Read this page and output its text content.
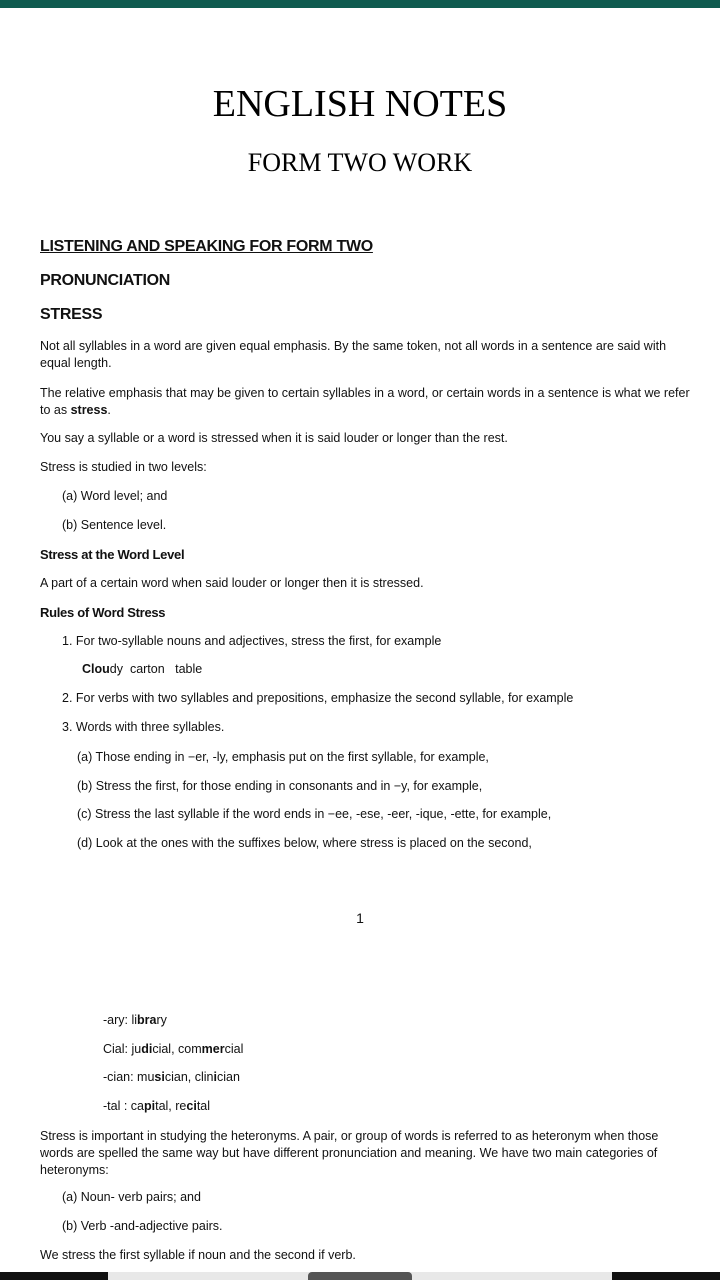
ENGLISH NOTES
FORM TWO WORK
LISTENING AND SPEAKING FOR FORM TWO
PRONUNCIATION
STRESS
Not all syllables in a word are given equal emphasis. By the same token, not all words in a sentence are said with equal length.
The relative emphasis that may be given to certain syllables in a word, or certain words in a sentence is what we refer to as stress.
You say a syllable or a word is stressed when it is said louder or longer than the rest.
Stress is studied in two levels:
(a) Word level; and
(b) Sentence level.
Stress at the Word Level
A part of a certain word when said louder or longer then it is stressed.
Rules of Word Stress
1. For two-syllable nouns and adjectives, stress the first, for example
Cloudy carton table
2. For verbs with two syllables and prepositions, emphasize the second syllable, for example
3. Words with three syllables.
(a) Those ending in −er, -ly, emphasis put on the first syllable, for example,
(b) Stress the first, for those ending in consonants and in −y, for example,
(c) Stress the last syllable if the word ends in −ee, -ese, -eer, -ique, -ette, for example,
(d) Look at the ones with the suffixes below, where stress is placed on the second,
1
-ary: library
Cial: judicial, commercial
-cian: musician, clinician
-tal : capital, recital
Stress is important in studying the heteronyms. A pair, or group of words is referred to as heteronym when those words are spelled the same way but have different pronunciation and meaning. We have two main categories of heteronyms:
(a) Noun- verb pairs; and
(b) Verb -and-adjective pairs.
We stress the first syllable if noun and the second if verb.
